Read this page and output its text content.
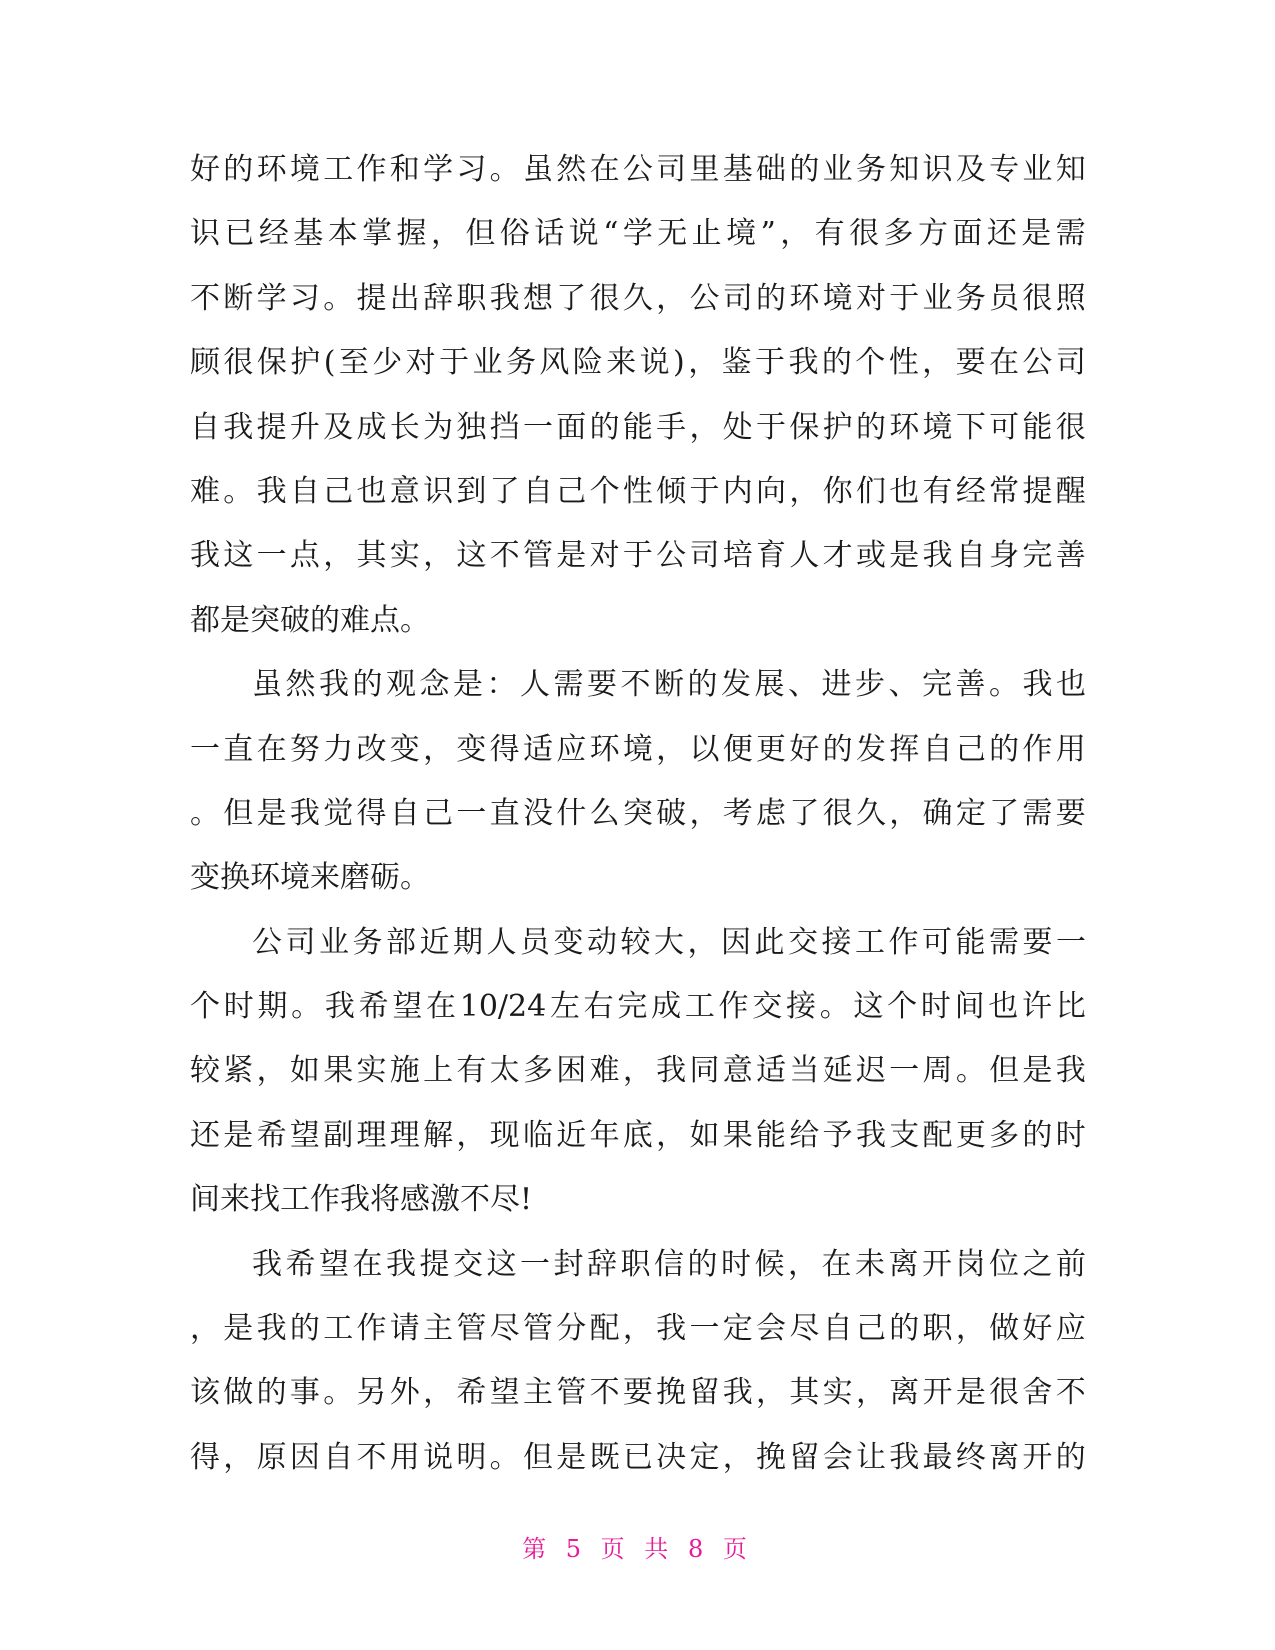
好 的 环 境 工 作 和 学 习 。 虽 然 在 公 司 里 基 础 的 业 务 知 识 及 专 业 知
识 已 经 基 本 掌 握 ， 但 俗 话 说 “ 学 无 止 境 ” ， 有 很 多 方 面 还 是 需
不 断 学 习 。 提 出 辞 职 我 想 了 很 久 ， 公 司 的 环 境 对 于 业 务 员 很 照
顾 很 保 护 ( 至 少 对 于 业 务 风 险 来 说 ) ， 鉴 于 我 的 个 性 ， 要 在 公 司
自 我 提 升 及 成 长 为 独 挡 一 面 的 能 手 ， 处 于 保 护 的 环 境 下 可 能 很
难 。 我 自 己 也 意 识 到 了 自 己 个 性 倾 于 内 向 ， 你 们 也 有 经 常 提 醒
我 这 一 点 ， 其 实 ， 这 不 管 是 对 于 公 司 培 育 人 才 或 是 我 自 身 完 善
都 是 突 破 的 难 点 。
虽 然 我 的 观 念 是 ： 人 需 要 不 断 的 发 展 、 进 步 、 完 善 。 我 也
一 直 在 努 力 改 变 ， 变 得 适 应 环 境 ， 以 便 更 好 的 发 挥 自 己 的 作 用
。 但 是 我 觉 得 自 己 一 直 没 什 么 突 破 ， 考 虑 了 很 久 ， 确 定 了 需 要
变 换 环 境 来 磨 砺 。
公 司 业 务 部 近 期 人 员 变 动 较 大 ， 因 此 交 接 工 作 可 能 需 要 一
个 时 期 。 我 希 望 在 10/24 左 右 完 成 工 作 交 接 。 这 个 时 间 也 许 比
较 紧 ， 如 果 实 施 上 有 太 多 困 难 ， 我 同 意 适 当 延 迟 一 周 。 但 是 我
还 是 希 望 副 理 理 解 ， 现 临 近 年 底 ， 如 果 能 给 予 我 支 配 更 多 的 时
间 来 找 工 作 我 将 感 激 不 尽 !
我 希 望 在 我 提 交 这 一 封 辞 职 信 的 时 候 ， 在 未 离 开 岗 位 之 前
， 是 我 的 工 作 请 主 管 尽 管 分 配 ， 我 一 定 会 尽 自 己 的 职 ， 做 好 应
该 做 的 事 。 另 外 ， 希 望 主 管 不 要 挽 留 我 ， 其 实 ， 离 开 是 很 舍 不
得 ， 原 因 自 不 用 说 明 。 但 是 既 已 决 定 ， 挽 留 会 让 我 最 终 离 开 的
第 5 页 共 8 页
